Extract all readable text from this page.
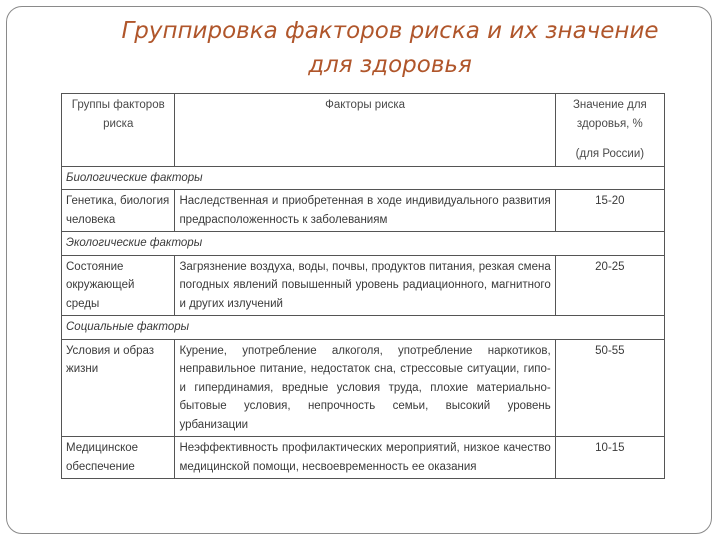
Группировка факторов риска и их значение
для здоровья
Группы факторов риска	Факторы риска	Значение для здоровья, %
(для России)

Биологические факторы		
Генетика, биология человека	Наследственная и приобретенная в ходе индивидуального развития предрасположенность к заболеваниям	15-20
Экологические факторы		
Состояние окружающей среды	Загрязнение воздуха, воды, почвы, продуктов питания, резкая смена погодных явлений повышенный уровень радиационного, магнитного и других излучений	20-25
Социальные факторы		
Условия и образ жизни	Курение, употребление алкоголя, употребление наркотиков, неправильное питание, недостаток сна, стрессовые ситуации, гипо- и гипердинамия, вредные условия труда, плохие материально-бытовые условия, непрочность семьи, высокий уровень урбанизации	50-55
Медицинское обеспечение	Неэффективность профилактических мероприятий, низкое качество медицинской помощи, несвоевременность ее оказания	10-15
